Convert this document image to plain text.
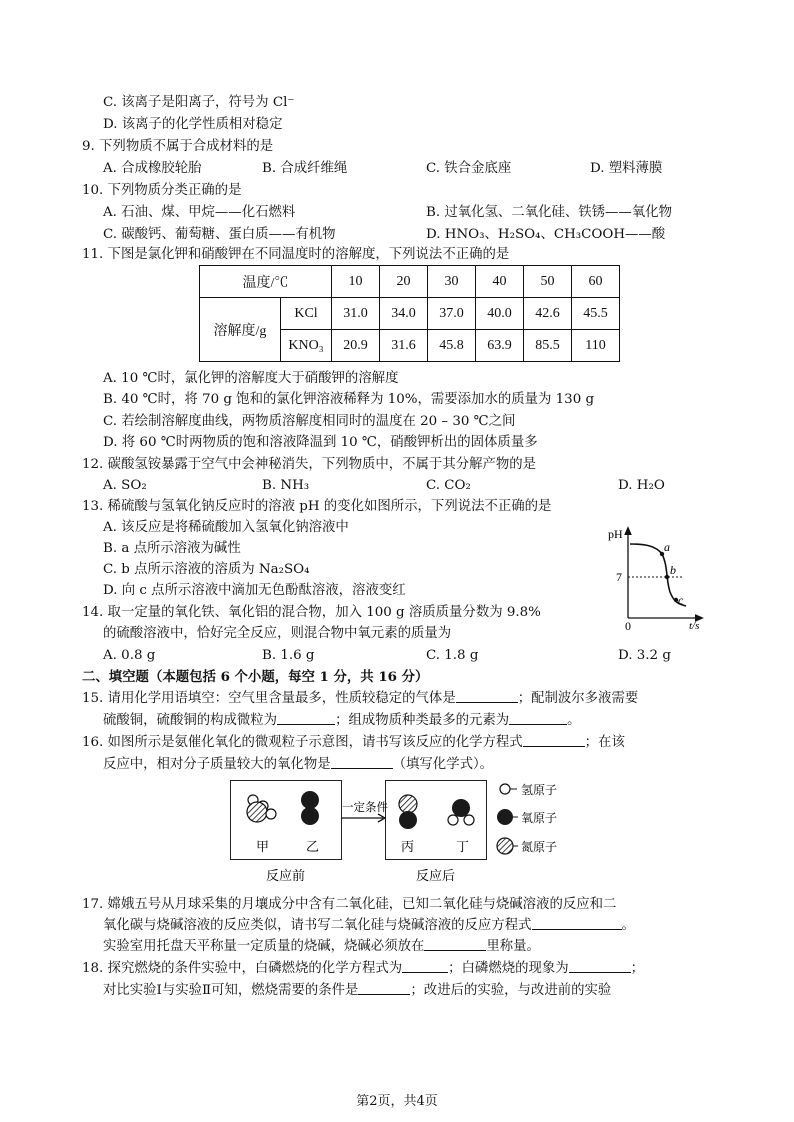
C. 该离子是阳离子，符号为 Cl⁻
D. 该离子的化学性质相对稳定
9. 下列物质不属于合成材料的是
A. 合成橡胶轮胎	B. 合成纤维绳	C. 铁合金底座	D. 塑料薄膜
10. 下列物质分类正确的是
A. 石油、煤、甲烷——化石燃料	B. 过氧化氢、二氧化硅、铁锈——氧化物
C. 碳酸钙、葡萄糖、蛋白质——有机物	D. HNO₃、H₂SO₄、CH₃COOH——酸
11. 下图是氯化钾和硝酸钾在不同温度时的溶解度，下列说法不正确的是
温度/℃		10	20	30	40	50	60
溶解度/g	KCl	31.0	34.0	37.0	40.0	42.6	45.5
	KNO₃	20.9	31.6	45.8	63.9	85.5	110
A. 10 ℃时，氯化钾的溶解度大于硝酸钾的溶解度
B. 40 ℃时，将 70 g 饱和的氯化钾溶液稀释为 10%，需要添加水的质量为 130 g
C. 若绘制溶解度曲线，两物质溶解度相同时的温度在 20 – 30 ℃之间
D. 将 60 ℃时两物质的饱和溶液降温到 10 ℃，硝酸钾析出的固体质量多
12. 碳酸氢铵暴露于空气中会神秘消失，下列物质中，不属于其分解产物的是
A. SO₂	B. NH₃	C. CO₂	D. H₂O
13. 稀硫酸与氢氧化钠反应时的溶液 pH 的变化如图所示，下列说法不正确的是
A. 该反应是将稀硫酸加入氢氧化钠溶液中
B. a 点所示溶液为碱性
C. b 点所示溶液的溶质为 Na₂SO₄
D. 向 c 点所示溶液中滴加无色酚酞溶液，溶液变红
pH
7
0	t/s
a
b
c
14. 取一定量的氧化铁、氧化铝的混合物，加入 100 g 溶质质量分数为 9.8%
的硫酸溶液中，恰好完全反应，则混合物中氧元素的质量为
A. 0.8 g	B. 1.6 g	C. 1.8 g	D. 3.2 g
二、填空题（本题包括 6 个小题，每空 1 分，共 16 分）
15. 请用化学用语填空：空气里含量最多，性质较稳定的气体是	；配制波尔多液需要
硫酸铜，硫酸铜的构成微粒为	；组成物质种类最多的元素为	。
16. 如图所示是氨催化氧化的微观粒子示意图，请书写该反应的化学方程式	；在该
反应中，相对分子质量较大的氧化物是	（填写化学式）。
甲	乙
一定条件
丙	丁
氢原子
氧原子
氮原子
反应前	反应后
17. 嫦娥五号从月球采集的月壤成分中含有二氧化硅，已知二氧化硅与烧碱溶液的反应和二
氧化碳与烧碱溶液的反应类似，请书写二氧化硅与烧碱溶液的反应方程式	。
实验室用托盘天平称量一定质量的烧碱，烧碱必须放在	里称量。
18. 探究燃烧的条件实验中，白磷燃烧的化学方程式为	；白磷燃烧的现象为	；
对比实验Ⅰ与实验Ⅱ可知，燃烧需要的条件是	；改进后的实验，与改进前的实验
第2页，共4页
